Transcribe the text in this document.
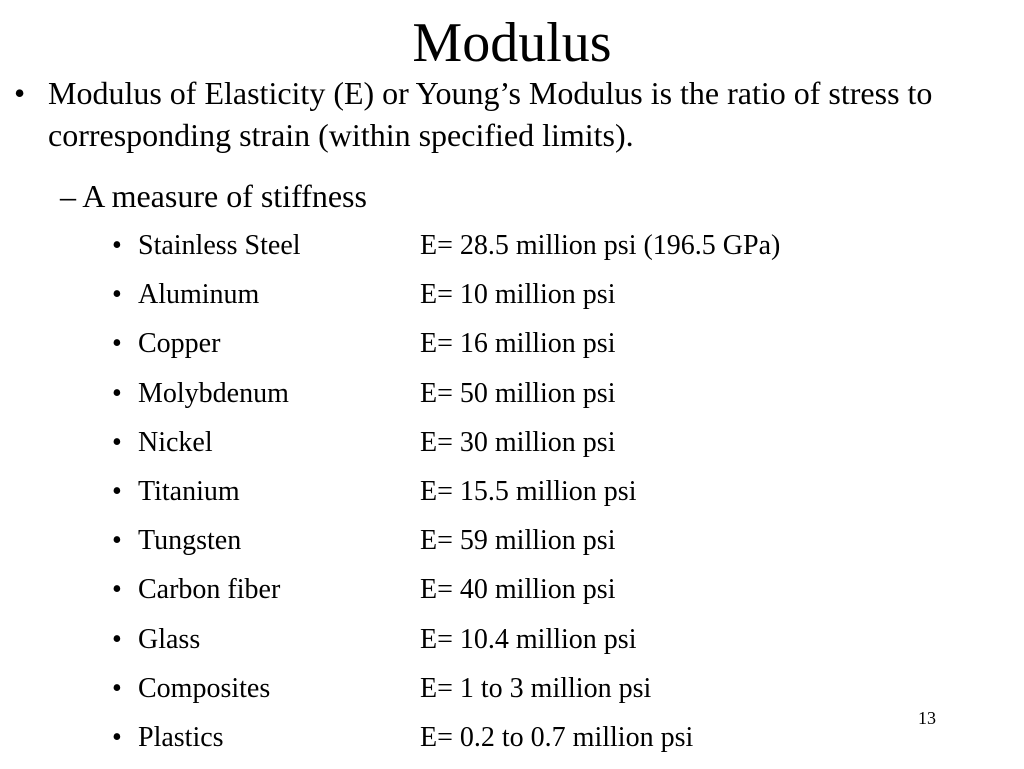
Modulus
• Modulus of Elasticity (E) or Young’s Modulus is the ratio of stress to corresponding strain (within specified limits).
– A measure of stiffness
• Stainless Steel	E= 28.5 million psi (196.5 GPa)
• Aluminum	E= 10 million psi
• Copper	E= 16 million psi
• Molybdenum	E= 50 million psi
• Nickel	E= 30 million psi
• Titanium	E= 15.5 million psi
• Tungsten	E= 59 million psi
• Carbon fiber	E= 40 million psi
• Glass	E= 10.4 million psi
• Composites	E= 1 to 3 million psi
• Plastics	E= 0.2 to 0.7 million psi
13
